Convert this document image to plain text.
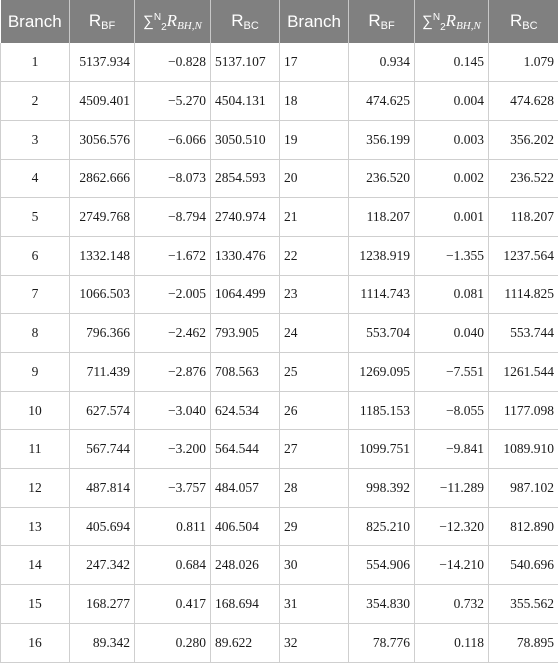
Branch	$R_{BF}$	∑$^N_2$RBH,N	$R_{BC}$	Branch	$R_{BF}$	∑$^N_2$RBH,N	$R_{BC}$
1	5137.934	−0.828	5137.107	17	0.934	0.145	1.079
2	4509.401	−5.270	4504.131	18	474.625	0.004	474.628
3	3056.576	−6.066	3050.510	19	356.199	0.003	356.202
4	2862.666	−8.073	2854.593	20	236.520	0.002	236.522
5	2749.768	−8.794	2740.974	21	118.207	0.001	118.207
6	1332.148	−1.672	1330.476	22	1238.919	−1.355	1237.564
7	1066.503	−2.005	1064.499	23	1114.743	0.081	1114.825
8	796.366	−2.462	793.905	24	553.704	0.040	553.744
9	711.439	−2.876	708.563	25	1269.095	−7.551	1261.544
10	627.574	−3.040	624.534	26	1185.153	−8.055	1177.098
11	567.744	−3.200	564.544	27	1099.751	−9.841	1089.910
12	487.814	−3.757	484.057	28	998.392	−11.289	987.102
13	405.694	0.811	406.504	29	825.210	−12.320	812.890
14	247.342	0.684	248.026	30	554.906	−14.210	540.696
15	168.277	0.417	168.694	31	354.830	0.732	355.562
16	89.342	0.280	89.622	32	78.776	0.118	78.895
